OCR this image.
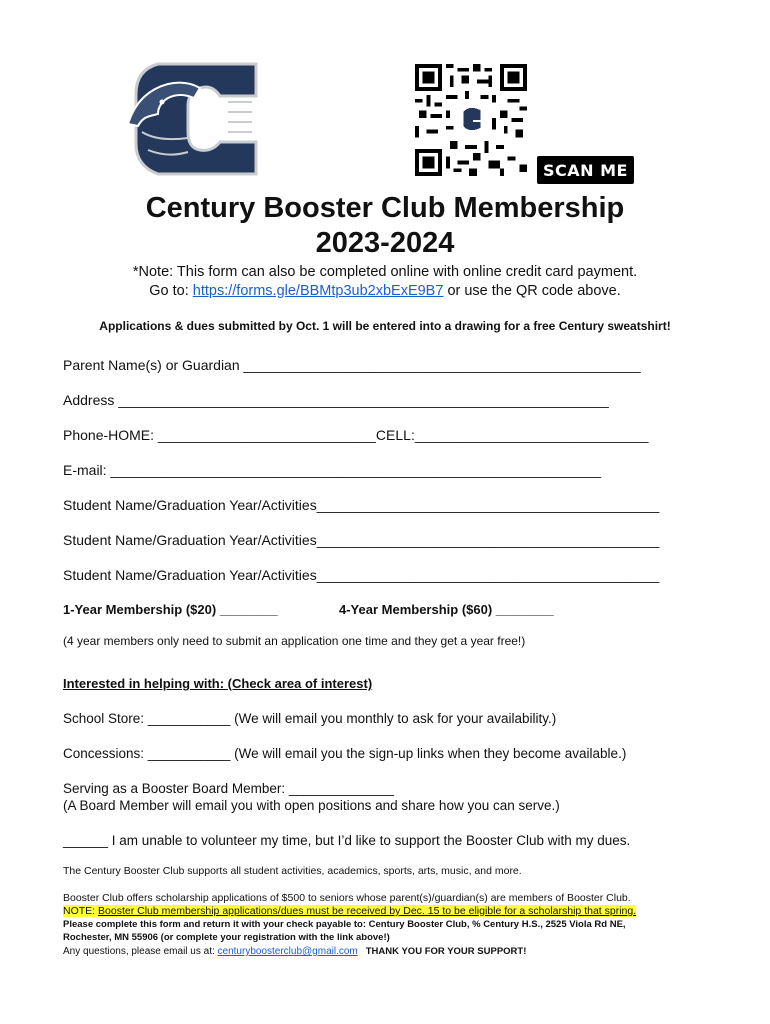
SCAN ME
Century Booster Club Membership
2023-2024
*Note: This form can also be completed online with online credit card payment.
Go to: https://forms.gle/BBMtp3ub2xbExE9B7 or use the QR code above.
Applications & dues submitted by Oct. 1 will be entered into a drawing for a free Century sweatshirt!
Parent Name(s) or Guardian ___________________________________________________
Address _______________________________________________________________
Phone-HOME: ____________________________CELL:______________________________
E-mail: _______________________________________________________________
Student Name/Graduation Year/Activities____________________________________________
Student Name/Graduation Year/Activities____________________________________________
Student Name/Graduation Year/Activities____________________________________________
1-Year Membership ($20) ________	4-Year Membership ($60) ________
(4 year members only need to submit an application one time and they get a year free!)
Interested in helping with: (Check area of interest)
School Store: ___________ (We will email you monthly to ask for your availability.)
Concessions: ___________ (We will email you the sign-up links when they become available.)
Serving as a Booster Board Member: ______________
(A Board Member will email you with open positions and share how you can serve.)
______ I am unable to volunteer my time, but I’d like to support the Booster Club with my dues.
The Century Booster Club supports all student activities, academics, sports, arts, music, and more.
Booster Club offers scholarship applications of $500 to seniors whose parent(s)/guardian(s) are members of Booster Club.
NOTE: Booster Club membership applications/dues must be received by Dec. 15 to be eligible for a scholarship that spring.
Please complete this form and return it with your check payable to: Century Booster Club, % Century H.S., 2525 Viola Rd NE,
Rochester, MN 55906 (or complete your registration with the link above!)
Any questions, please email us at: centuryboosterclub@gmail.com THANK YOU FOR YOUR SUPPORT!
